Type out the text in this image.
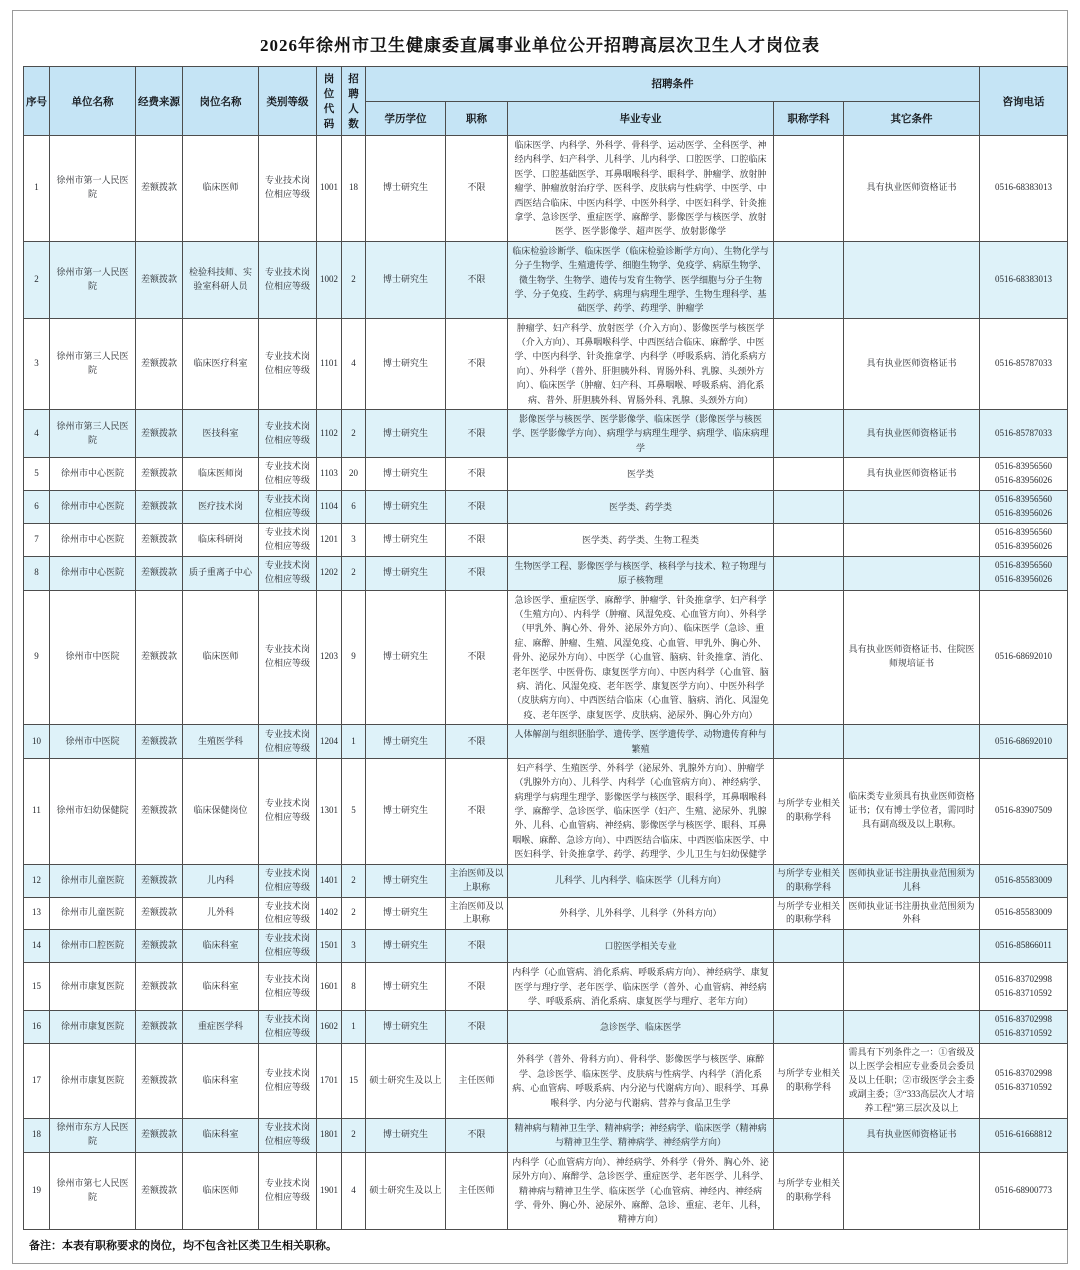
2026年徐州市卫生健康委直属事业单位公开招聘高层次卫生人才岗位表
序号	单位名称	经费来源	岗位名称	类别等级	岗位代码	招聘人数	招聘条件					咨询电话
							学历学位	职称	毕业专业	职称学科	其它条件	
1	徐州市第一人民医院	差额拨款	临床医师	专业技术岗位相应等级	1001	18	博士研究生	不限	临床医学、内科学、外科学、骨科学、运动医学、全科医学、神经内科学、妇产科学、儿科学、儿内科学、口腔医学、口腔临床医学、口腔基础医学、耳鼻咽喉科学、眼科学、肿瘤学、放射肿瘤学、肿瘤放射治疗学、医科学、皮肤病与性病学、中医学、中西医结合临床、中医内科学、中医外科学、中医妇科学、针灸推拿学、急诊医学、重症医学、麻醉学、影像医学与核医学、放射医学、医学影像学、超声医学、放射影像学		具有执业医师资格证书	0516-68383013

2	徐州市第一人民医院	差额拨款	检验科技师、实验室科研人员	专业技术岗位相应等级	1002	2	博士研究生	不限	临床检验诊断学、临床医学（临床检验诊断学方向）、生物化学与分子生物学、生殖遗传学、细胞生物学、免疫学、病原生物学、微生物学、生物学、遗传与发育生物学、医学细胞与分子生物学、分子免疫、生药学、病理与病理生理学、生物生理科学、基础医学、药学、药理学、肿瘤学			0516-68383013

3	徐州市第三人民医院	差额拨款	临床医疗科室	专业技术岗位相应等级	1101	4	博士研究生	不限	肿瘤学、妇产科学、放射医学（介入方向）、影像医学与核医学（介入方向）、耳鼻咽喉科学、中西医结合临床、麻醉学、中医学、中医内科学、针灸推拿学、内科学（呼吸系病、消化系病方向）、外科学（普外、肝胆胰外科、胃肠外科、乳腺、头颈外方向）、临床医学（肿瘤、妇产科、耳鼻咽喉、呼吸系病、消化系病、普外、肝胆胰外科、胃肠外科、乳腺、头颈外方向）		具有执业医师资格证书	0516-85787033

4	徐州市第三人民医院	差额拨款	医技科室	专业技术岗位相应等级	1102	2	博士研究生	不限	影像医学与核医学、医学影像学、临床医学（影像医学与核医学、医学影像学方向）、病理学与病理生理学、病理学、临床病理学		具有执业医师资格证书	0516-85787033

5	徐州市中心医院	差额拨款	临床医师岗	专业技术岗位相应等级	1103	20	博士研究生	不限	医学类		具有执业医师资格证书	0516-83956560
0516-83956026

6	徐州市中心医院	差额拨款	医疗技术岗	专业技术岗位相应等级	1104	6	博士研究生	不限	医学类、药学类			0516-83956560
0516-83956026

7	徐州市中心医院	差额拨款	临床科研岗	专业技术岗位相应等级	1201	3	博士研究生	不限	医学类、药学类、生物工程类			0516-83956560
0516-83956026

8	徐州市中心医院	差额拨款	质子重离子中心	专业技术岗位相应等级	1202	2	博士研究生	不限	生物医学工程、影像医学与核医学、核科学与技术、粒子物理与原子核物理			0516-83956560
0516-83956026

9	徐州市中医院	差额拨款	临床医师	专业技术岗位相应等级	1203	9	博士研究生	不限	急诊医学、重症医学、麻醉学、肿瘤学、针灸推拿学、妇产科学（生殖方向）、内科学（肿瘤、风湿免疫、心血管方向）、外科学（甲乳外、胸心外、骨外、泌尿外方向）、临床医学（急诊、重症、麻醉、肿瘤、生殖、风湿免疫、心血管、甲乳外、胸心外、骨外、泌尿外方向）、中医学（心血管、脑病、针灸推拿、消化、老年医学、中医骨伤、康复医学方向）、中医内科学（心血管、脑病、消化、风湿免疫、老年医学、康复医学方向）、中医外科学（皮肤病方向）、中西医结合临床（心血管、脑病、消化、风湿免疫、老年医学、康复医学、皮肤病、泌尿外、胸心外方向）		具有执业医师资格证书、住院医师规培证书	0516-68692010

10	徐州市中医院	差额拨款	生殖医学科	专业技术岗位相应等级	1204	1	博士研究生	不限	人体解剖与组织胚胎学、遗传学、医学遗传学、动物遗传育种与繁殖			0516-68692010

11	徐州市妇幼保健院	差额拨款	临床保健岗位	专业技术岗位相应等级	1301	5	博士研究生	不限	妇产科学、生殖医学、外科学（泌尿外、乳腺外方向）、肿瘤学（乳腺外方向）、儿科学、内科学（心血管病方向）、神经病学、病理学与病理生理学、影像医学与核医学、眼科学，耳鼻咽喉科学、麻醉学、急诊医学、临床医学（妇产、生殖、泌尿外、乳腺外、儿科、心血管病、神经病、影像医学与核医学、眼科、耳鼻咽喉、麻醉、急诊方向）、中西医结合临床、中西医临床医学、中医妇科学、针灸推拿学、药学、药理学、少儿卫生与妇幼保健学	与所学专业相关的职称学科	临床类专业须具有执业医师资格证书；仅有博士学位者，需同时具有副高级及以上职称。	0516-83907509

12	徐州市儿童医院	差额拨款	儿内科	专业技术岗位相应等级	1401	2	博士研究生	主治医师及以上职称	儿科学、儿内科学、临床医学（儿科方向）	与所学专业相关的职称学科	医师执业证书注册执业范围须为儿科	0516-85583009

13	徐州市儿童医院	差额拨款	儿外科	专业技术岗位相应等级	1402	2	博士研究生	主治医师及以上职称	外科学、儿外科学、儿科学（外科方向）	与所学专业相关的职称学科	医师执业证书注册执业范围须为外科	0516-85583009

14	徐州市口腔医院	差额拨款	临床科室	专业技术岗位相应等级	1501	3	博士研究生	不限	口腔医学相关专业			0516-85866011

15	徐州市康复医院	差额拨款	临床科室	专业技术岗位相应等级	1601	8	博士研究生	不限	内科学（心血管病、消化系病、呼吸系病方向）、神经病学、康复医学与理疗学、老年医学、临床医学（普外、心血管病、神经病学、呼吸系病、消化系病、康复医学与理疗、老年方向）			0516-83702998
0516-83710592

16	徐州市康复医院	差额拨款	重症医学科	专业技术岗位相应等级	1602	1	博士研究生	不限	急诊医学、临床医学			0516-83702998
0516-83710592

17	徐州市康复医院	差额拨款	临床科室	专业技术岗位相应等级	1701	15	硕士研究生及以上	主任医师	外科学（普外、骨科方向）、骨科学、影像医学与核医学、麻醉学、急诊医学、临床医学、皮肤病与性病学、内科学（消化系病、心血管病、呼吸系病、内分泌与代谢病方向）、眼科学、耳鼻喉科学、内分泌与代谢病、营养与食品卫生学	与所学专业相关的职称学科	需具有下列条件之一：①省级及以上医学会相应专业委员会委员及以上任职；②市级医学会主委或副主委；③“333高层次人才培养工程”第三层次及以上	0516-83702998
0516-83710592

18	徐州市东方人民医院	差额拨款	临床科室	专业技术岗位相应等级	1801	2	博士研究生	不限	精神病与精神卫生学、精神病学；神经病学、临床医学（精神病与精神卫生学、精神病学、神经病学方向）		具有执业医师资格证书	0516-61668812

19	徐州市第七人民医院	差额拨款	临床医师	专业技术岗位相应等级	1901	4	硕士研究生及以上	主任医师	内科学（心血管病方向）、神经病学、外科学（骨外、胸心外、泌尿外方向）、麻醉学、急诊医学、重症医学、老年医学、儿科学、精神病与精神卫生学、临床医学（心血管病、神经内、神经病学、骨外、胸心外、泌尿外、麻醉、急诊、重症、老年、儿科，精神方向）	与所学专业相关的职称学科		0516-68900773
备注：本表有职称要求的岗位，均不包含社区类卫生相关职称。
